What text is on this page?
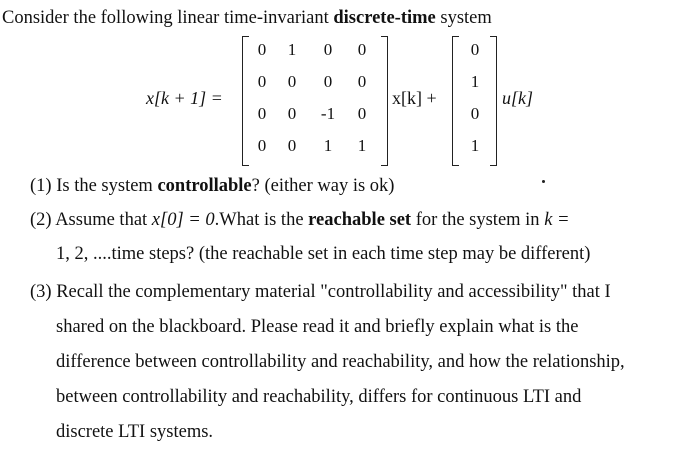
Consider the following linear time-invariant discrete-time system
x[k + 1] =
0	1	0	0
0	0	0	0
0	0	-1	0
0	0	1	1
x[k] +
0
1
0
1
u[k]
(1) Is the system controllable? (either way is ok)
(2) Assume that x[0] = 0.What is the reachable set for the system in k =
1, 2, ....time steps? (the reachable set in each time step may be different)
(3) Recall the complementary material "controllability and accessibility" that I
shared on the blackboard. Please read it and briefly explain what is the
difference between controllability and reachability, and how the relationship,
between controllability and reachability, differs for continuous LTI and
discrete LTI systems.
